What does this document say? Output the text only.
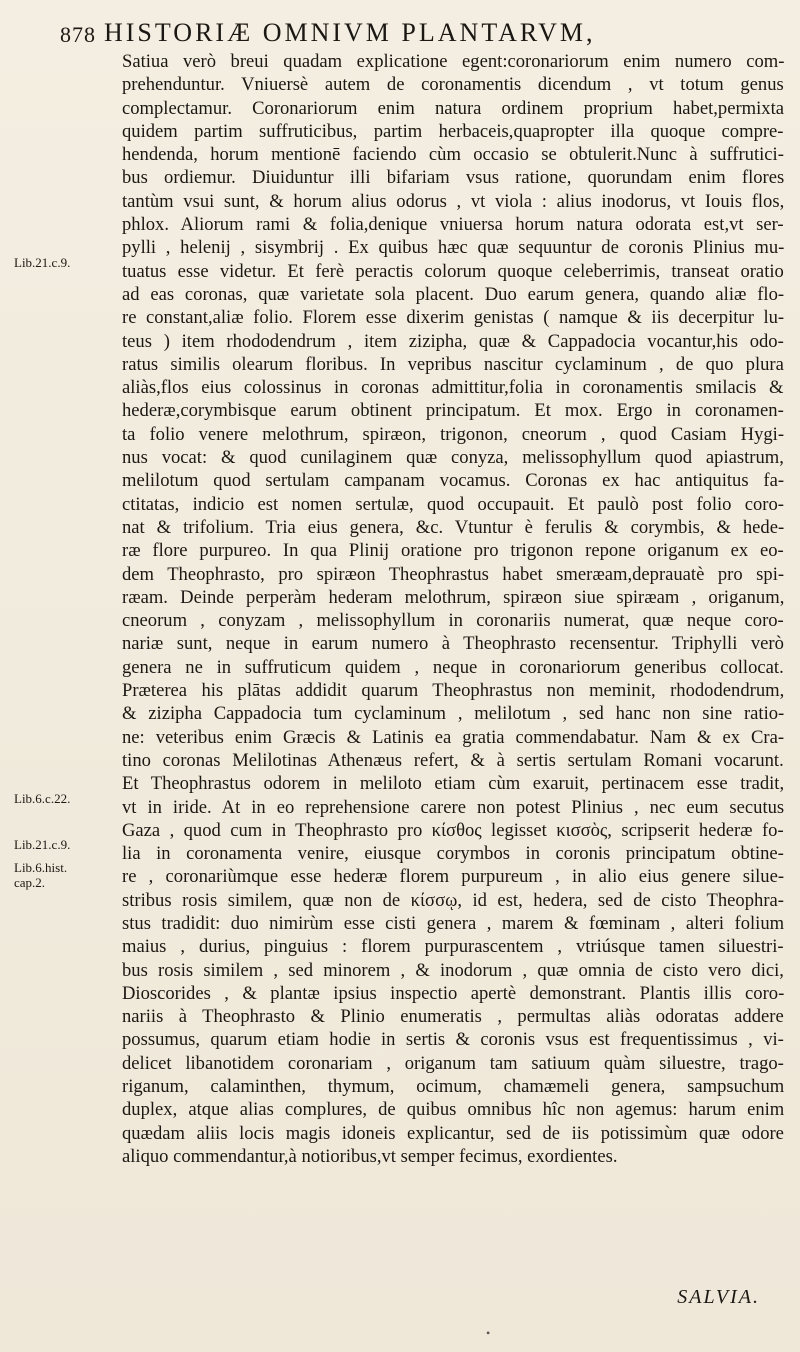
878 HISTORIÆ OMNIVM PLANTARVM,
Lib.21.c.9.
Lib.6.c.22.
Lib.21.c.9.
Lib.6.hist.
cap.2.
Satiua verò breui quadam explicatione egent:coronariorum enim numero com-
prehenduntur. Vniuersè autem de coronamentis dicendum , vt totum genus
complectamur. Coronariorum enim natura ordinem proprium habet,permixta
quidem partim suffruticibus, partim herbaceis,quapropter illa quoque compre-
hendenda, horum mentionē faciendo cùm occasio se obtulerit.Nunc à suffrutici-
bus ordiemur. Diuiduntur illi bifariam vsus ratione, quorundam enim flores
tantùm vsui sunt, & horum alius odorus , vt viola : alius inodorus, vt Iouis flos,
phlox. Aliorum rami & folia,denique vniuersa horum natura odorata est,vt ser-
pylli , helenij , sisymbrij . Ex quibus hæc quæ sequuntur de coronis Plinius mu-
tuatus esse videtur. Et ferè peractis colorum quoque celeberrimis, transeat oratio
ad eas coronas, quæ varietate sola placent. Duo earum genera, quando aliæ flo-
re constant,aliæ folio. Florem esse dixerim genistas ( namque & iis decerpitur lu-
teus ) item rhododendrum , item zizipha, quæ & Cappadocia vocantur,his odo-
ratus similis olearum floribus. In vepribus nascitur cyclaminum , de quo plura
aliàs,flos eius colossinus in coronas admittitur,folia in coronamentis smilacis &
hederæ,corymbisque earum obtinent principatum. Et mox. Ergo in coronamen-
ta folio venere melothrum, spiræon, trigonon, cneorum , quod Casiam Hygi-
nus vocat: & quod cunilaginem quæ conyza, melissophyllum quod apiastrum,
melilotum quod sertulam campanam vocamus. Coronas ex hac antiquitus fa-
ctitatas, indicio est nomen sertulæ, quod occupauit. Et paulò post folio coro-
nat & trifolium. Tria eius genera, &c. Vtuntur è ferulis & corymbis, & hede-
ræ flore purpureo. In qua Plinij oratione pro trigonon repone origanum ex eo-
dem Theophrasto, pro spiræon Theophrastus habet smeræam,deprauatè pro spi-
ræam. Deinde perperàm hederam melothrum, spiræon siue spiræam , origanum,
cneorum , conyzam , melissophyllum in coronariis numerat, quæ neque coro-
nariæ sunt, neque in earum numero à Theophrasto recensentur. Triphylli verò
genera ne in suffruticum quidem , neque in coronariorum generibus collocat.
Præterea his plātas addidit quarum Theophrastus non meminit, rhododendrum,
& zizipha Cappadocia tum cyclaminum , melilotum , sed hanc non sine ratio-
ne: veteribus enim Græcis & Latinis ea gratia commendabatur. Nam & ex Cra-
tino coronas Melilotinas Athenæus refert, & à sertis sertulam Romani vocarunt.
Et Theophrastus odorem in meliloto etiam cùm exaruit, pertinacem esse tradit,
vt in iride. At in eo reprehensione carere non potest Plinius , nec eum secutus
Gaza , quod cum in Theophrasto pro κίσθος legisset κισσὸς, scripserit hederæ fo-
lia in coronamenta venire, eiusque corymbos in coronis principatum obtine-
re , coronariùmque esse hederæ florem purpureum , in alio eius genere silue-
stribus rosis similem, quæ non de κίσσῳ, id est, hedera, sed de cisto Theophra-
stus tradidit: duo nimirùm esse cisti genera , marem & fœminam , alteri folium
maius , durius, pinguius : florem purpurascentem , vtriúsque tamen siluestri-
bus rosis similem , sed minorem , & inodorum , quæ omnia de cisto vero dici,
Dioscorides , & plantæ ipsius inspectio apertè demonstrant. Plantis illis coro-
nariis à Theophrasto & Plinio enumeratis , permultas aliàs odoratas addere
possumus, quarum etiam hodie in sertis & coronis vsus est frequentissimus , vi-
delicet libanotidem coronariam , origanum tam satiuum quàm siluestre, trago-
riganum, calaminthen, thymum, ocimum, chamæmeli genera, sampsuchum
duplex, atque alias complures, de quibus omnibus hîc non agemus: harum enim
quædam aliis locis magis idoneis explicantur, sed de iis potissimùm quæ odore
aliquo commendantur,à notioribus,vt semper fecimus, exordientes.
SALVIA.
•
